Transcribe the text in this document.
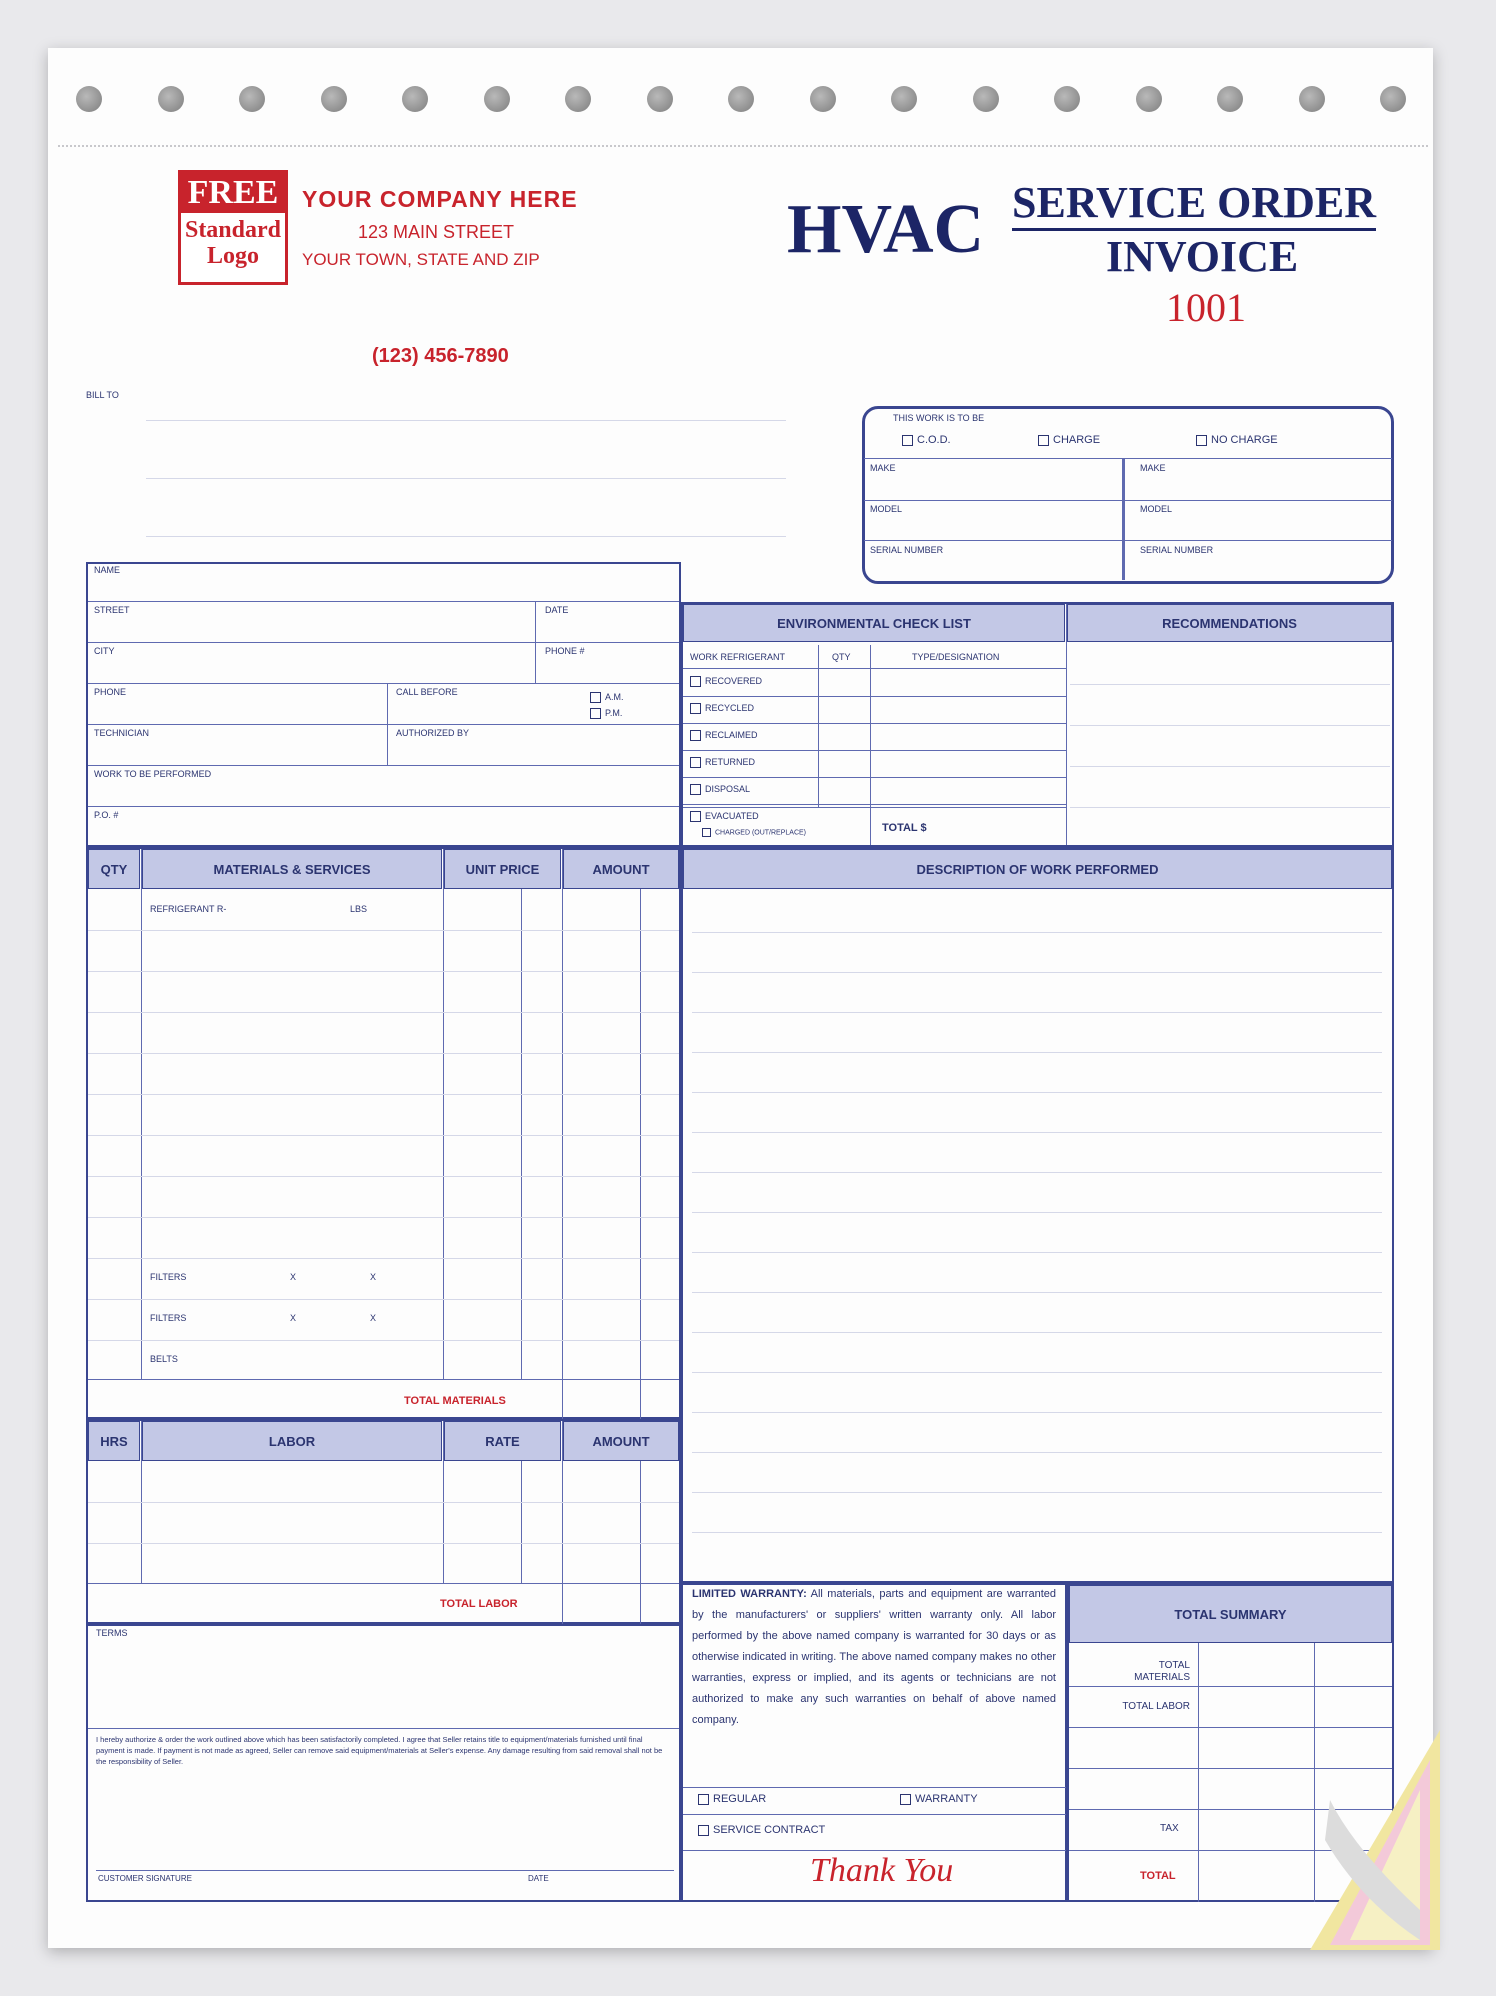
FREE
Standard
Logo
YOUR COMPANY HERE
123 MAIN STREET
YOUR TOWN, STATE AND ZIP
(123) 456-7890
HVAC SERVICE ORDER
INVOICE
1001
BILL TO
THIS WORK IS TO BE
C.O.D.	CHARGE	NO CHARGE
MAKE
MODEL
SERIAL NUMBER
MAKE
MODEL
SERIAL NUMBER
NAME
STREET	DATE
CITY	PHONE #
PHONE	CALL BEFORE	A.M.
P.M.
TECHNICIAN	AUTHORIZED BY
WORK TO BE PERFORMED
P.O. #
ENVIRONMENTAL CHECK LIST	RECOMMENDATIONS
WORK REFRIGERANT	QTY	TYPE/DESIGNATION
RECOVERED
RECYCLED
RECLAIMED
RETURNED
DISPOSAL
EVACUATED
CHARGED (OUT/REPLACE)	TOTAL $
QTY	MATERIALS & SERVICES	UNIT PRICE	AMOUNT
REFRIGERANT R-	LBS
FILTERS	X	X
FILTERS	X	X
BELTS
TOTAL MATERIALS
DESCRIPTION OF WORK PERFORMED
HRS	LABOR	RATE	AMOUNT
TOTAL LABOR
TERMS
I hereby authorize & order the work outlined above which has been satisfactorily completed. I agree that Seller retains title to equipment/materials furnished until final payment is made. If payment is not made as agreed, Seller can remove said equipment/materials at Seller's expense. Any damage resulting from said removal shall not be the responsibility of Seller.
CUSTOMER SIGNATURE	DATE
LIMITED WARRANTY: All materials, parts and equipment are warranted by the manufacturers' or suppliers' written warranty only. All labor performed by the above named company is warranted for 30 days or as otherwise indicated in writing. The above named company makes no other warranties, express or implied, and its agents or technicians are not authorized to make any such warranties on behalf of above named company.
REGULAR	WARRANTY
SERVICE CONTRACT
Thank You
TOTAL SUMMARY
TOTAL MATERIALS
TOTAL LABOR
TAX
TOTAL
